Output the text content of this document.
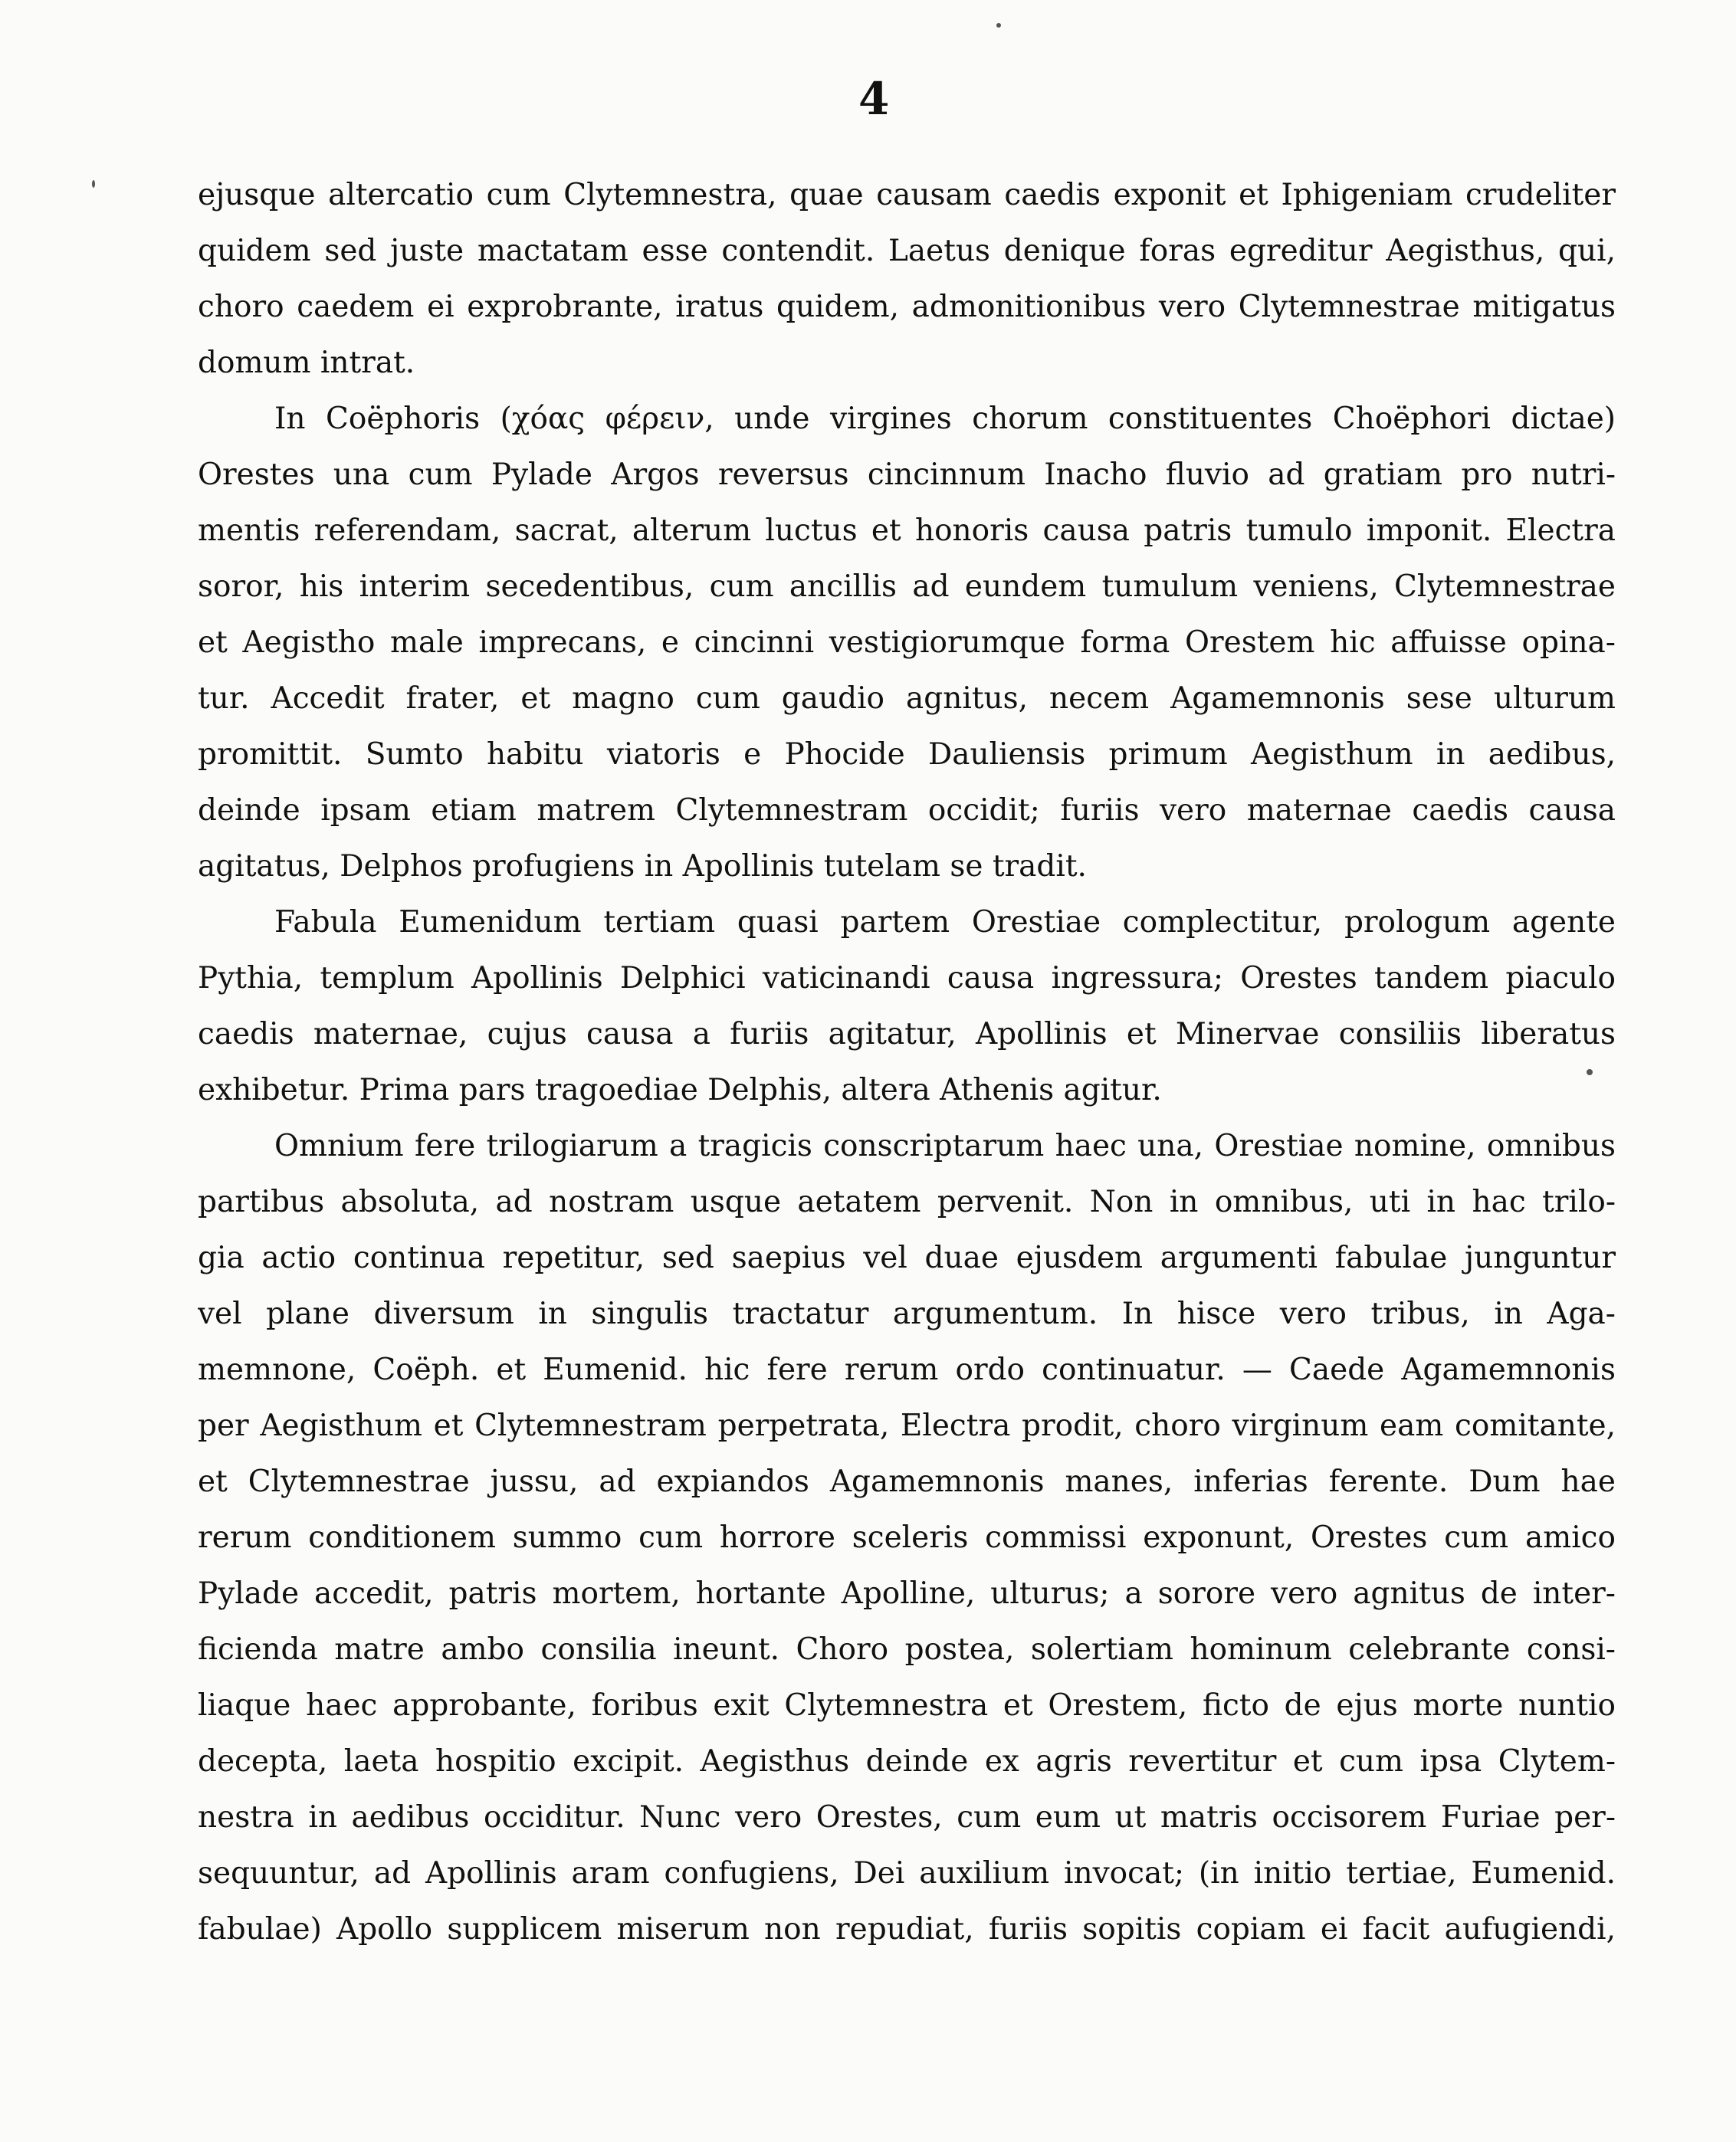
4
ejusque altercatio cum Clytemnestra, quae causam caedis exponit et Iphigeniam crudeliter
quidem sed juste mactatam esse contendit. Laetus denique foras egreditur Aegisthus, qui,
choro caedem ei exprobrante, iratus quidem, admonitionibus vero Clytemnestrae mitigatus
domum intrat.
In Coëphoris (χόας φέρειν, unde virgines chorum constituentes Choëphori dictae)
Orestes una cum Pylade Argos reversus cincinnum Inacho fluvio ad gratiam pro nutri-
mentis referendam, sacrat, alterum luctus et honoris causa patris tumulo imponit. Electra
soror, his interim secedentibus, cum ancillis ad eundem tumulum veniens, Clytemnestrae
et Aegistho male imprecans, e cincinni vestigiorumque forma Orestem hic affuisse opina-
tur. Accedit frater, et magno cum gaudio agnitus, necem Agamemnonis sese ulturum
promittit. Sumto habitu viatoris e Phocide Dauliensis primum Aegisthum in aedibus,
deinde ipsam etiam matrem Clytemnestram occidit; furiis vero maternae caedis causa
agitatus, Delphos profugiens in Apollinis tutelam se tradit.
Fabula Eumenidum tertiam quasi partem Orestiae complectitur, prologum agente
Pythia, templum Apollinis Delphici vaticinandi causa ingressura; Orestes tandem piaculo
caedis maternae, cujus causa a furiis agitatur, Apollinis et Minervae consiliis liberatus
exhibetur. Prima pars tragoediae Delphis, altera Athenis agitur.
Omnium fere trilogiarum a tragicis conscriptarum haec una, Orestiae nomine, omnibus
partibus absoluta, ad nostram usque aetatem pervenit. Non in omnibus, uti in hac trilo-
gia actio continua repetitur, sed saepius vel duae ejusdem argumenti fabulae junguntur
vel plane diversum in singulis tractatur argumentum. In hisce vero tribus, in Aga-
memnone, Coëph. et Eumenid. hic fere rerum ordo continuatur. — Caede Agamemnonis
per Aegisthum et Clytemnestram perpetrata, Electra prodit, choro virginum eam comitante,
et Clytemnestrae jussu, ad expiandos Agamemnonis manes, inferias ferente. Dum hae
rerum conditionem summo cum horrore sceleris commissi exponunt, Orestes cum amico
Pylade accedit, patris mortem, hortante Apolline, ulturus; a sorore vero agnitus de inter-
ficienda matre ambo consilia ineunt. Choro postea, solertiam hominum celebrante consi-
liaque haec approbante, foribus exit Clytemnestra et Orestem, ficto de ejus morte nuntio
decepta, laeta hospitio excipit. Aegisthus deinde ex agris revertitur et cum ipsa Clytem-
nestra in aedibus occiditur. Nunc vero Orestes, cum eum ut matris occisorem Furiae per-
sequuntur, ad Apollinis aram confugiens, Dei auxilium invocat; (in initio tertiae, Eumenid.
fabulae) Apollo supplicem miserum non repudiat, furiis sopitis copiam ei facit aufugiendi,
